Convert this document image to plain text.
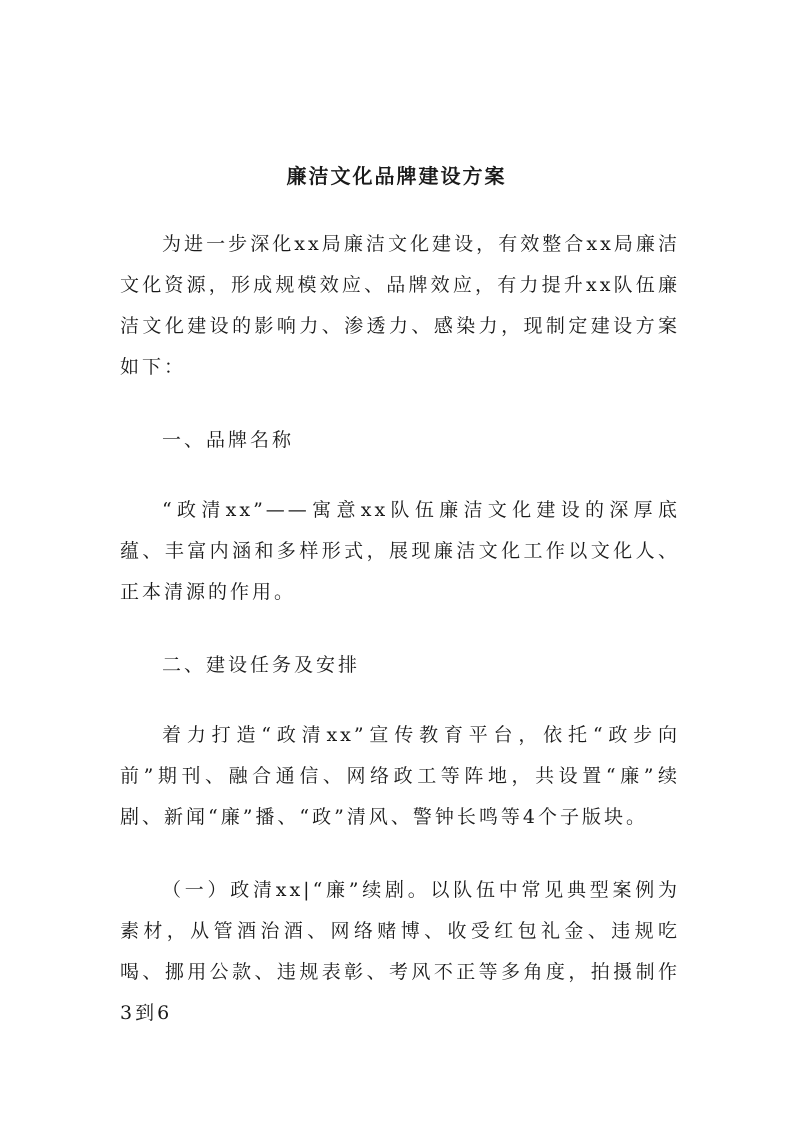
廉洁文化品牌建设方案

为进一步深化xx局廉洁文化建设，有效整合xx局廉洁文化资源，形成规模效应、品牌效应，有力提升xx队伍廉洁文化建设的影响力、渗透力、感染力，现制定建设方案如下：

一、品牌名称

“政清xx”——寓意xx队伍廉洁文化建设的深厚底蕴、丰富内涵和多样形式，展现廉洁文化工作以文化人、正本清源的作用。

二、建设任务及安排

着力打造“政清xx”宣传教育平台，依托“政步向前”期刊、融合通信、网络政工等阵地，共设置“廉”续剧、新闻“廉”播、“政”清风、警钟长鸣等4个子版块。

（一）政清xx|“廉”续剧。以队伍中常见典型案例为素材，从管酒治酒、网络赌博、收受红包礼金、违规吃喝、挪用公款、违规表彰、考风不正等多角度，拍摄制作3到6
